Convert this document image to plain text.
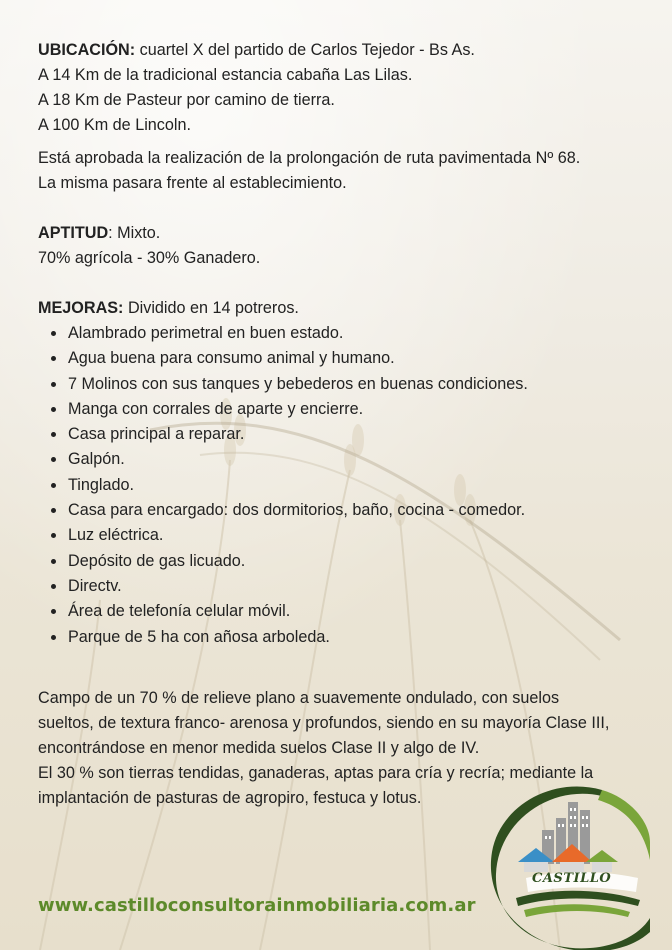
UBICACIÓN: cuartel X del partido de Carlos Tejedor - Bs As.

A 14 Km de la tradicional estancia cabaña Las Lilas.

A 18 Km de Pasteur por camino de tierra.

A 100 Km de Lincoln.

Está aprobada la realización de la prolongación de ruta pavimentada Nº 68.

La misma pasara frente al establecimiento.

APTITUD: Mixto.

70% agrícola - 30% Ganadero.

MEJORAS: Dividido en 14 potreros.

• Alambrado perimetral en buen estado.
• Agua buena para consumo animal y humano.
• 7 Molinos con sus tanques y bebederos en buenas condiciones.
• Manga con corrales de aparte y encierre.
• Casa principal a reparar.
• Galpón.
• Tinglado.
• Casa para encargado: dos dormitorios, baño, cocina - comedor.
• Luz eléctrica.
• Depósito de gas licuado.
• Directv.
• Área de telefonía celular móvil.
• Parque de 5 ha con añosa arboleda.

Campo de un 70 % de relieve plano a suavemente ondulado, con suelos

sueltos, de textura franco- arenosa y profundos, siendo en su mayoría Clase III,

encontrándose en menor medida suelos Clase II y algo de IV.

El 30 % son tierras tendidas, ganaderas, aptas para cría y recría; mediante la

implantación de pasturas de agropiro, festuca y lotus.

www.castilloconsultorainmobiliaria.com.ar
CASTILLO
